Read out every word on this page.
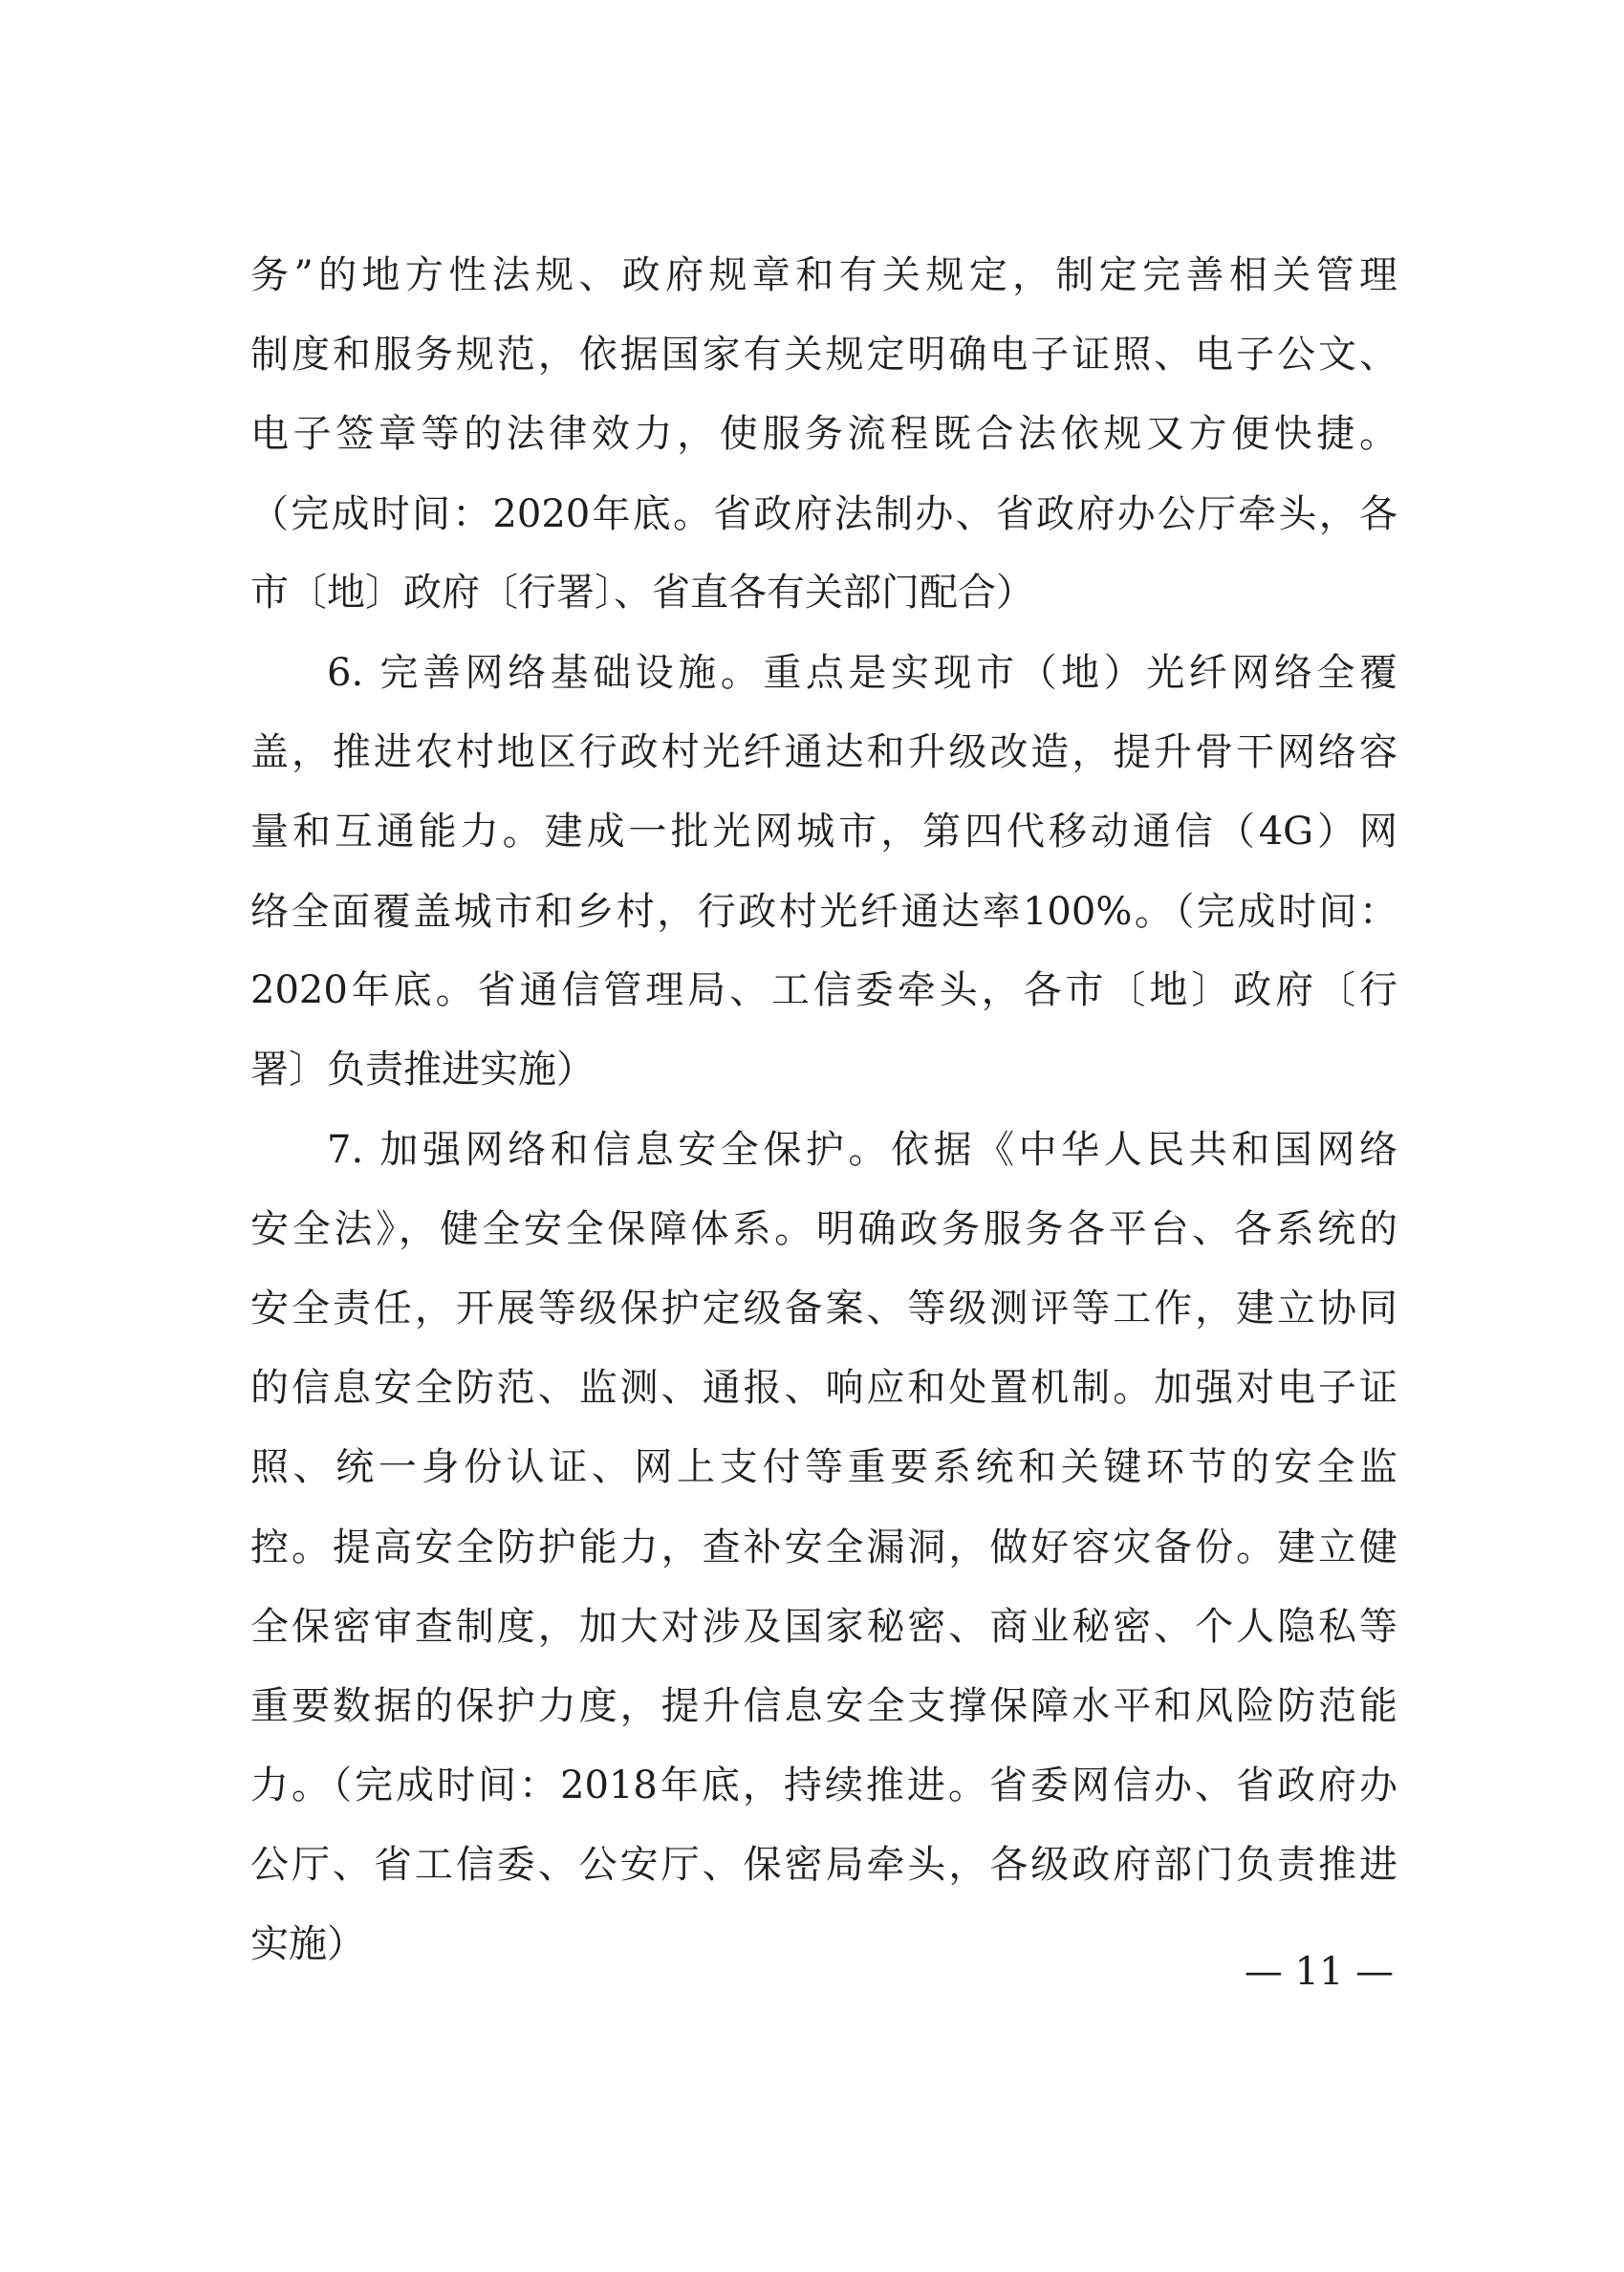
务”的地方性法规、政府规章和有关规定，制定完善相关管理
制度和服务规范，依据国家有关规定明确电子证照、电子公文、
电子签章等的法律效力，使服务流程既合法依规又方便快捷。
（完成时间：2020年底。省政府法制办、省政府办公厅牵头，各
市〔地〕政府〔行署〕、省直各有关部门配合）
6. 完善网络基础设施。重点是实现市（地）光纤网络全覆
盖，推进农村地区行政村光纤通达和升级改造，提升骨干网络容
量和互通能力。建成一批光网城市，第四代移动通信（4G）网
络全面覆盖城市和乡村，行政村光纤通达率100%。（完成时间：
2020年底。省通信管理局、工信委牵头，各市〔地〕政府〔行
署〕负责推进实施）
7. 加强网络和信息安全保护。依据《中华人民共和国网络
安全法》，健全安全保障体系。明确政务服务各平台、各系统的
安全责任，开展等级保护定级备案、等级测评等工作，建立协同
的信息安全防范、监测、通报、响应和处置机制。加强对电子证
照、统一身份认证、网上支付等重要系统和关键环节的安全监
控。提高安全防护能力，查补安全漏洞，做好容灾备份。建立健
全保密审查制度，加大对涉及国家秘密、商业秘密、个人隐私等
重要数据的保护力度，提升信息安全支撑保障水平和风险防范能
力。（完成时间：2018年底，持续推进。省委网信办、省政府办
公厅、省工信委、公安厅、保密局牵头，各级政府部门负责推进
实施）
— 11 —
